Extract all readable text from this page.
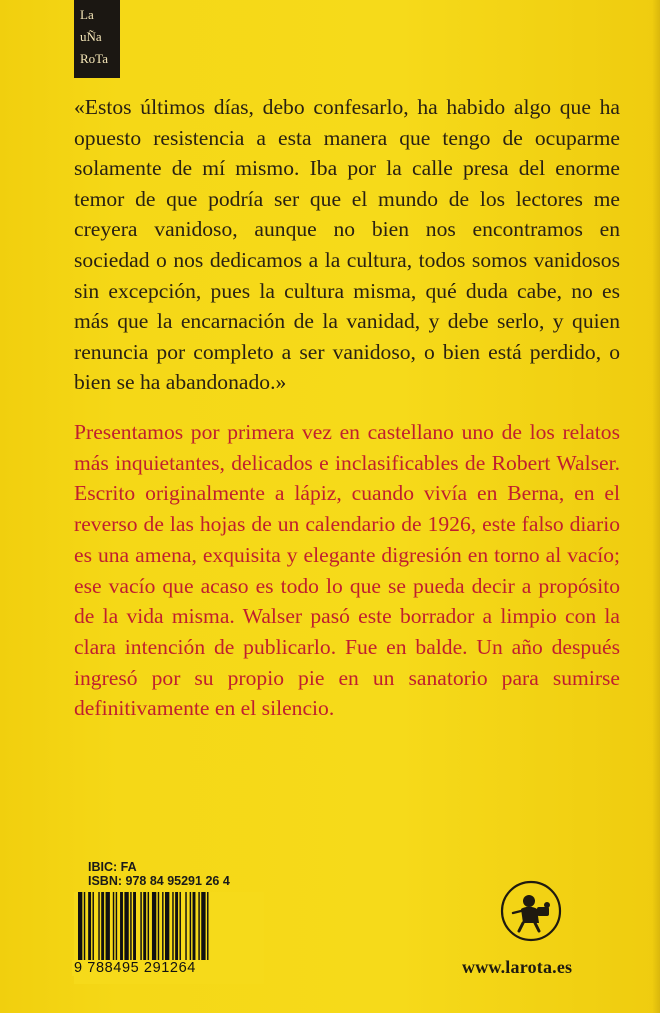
La
uÑa
RoTa

«Estos últimos días, debo confesarlo, ha habido algo que ha opuesto resistencia a esta manera que tengo de ocuparme solamente de mí mismo. Iba por la calle presa del enorme temor de que podría ser que el mundo de los lectores me creyera vanidoso, aunque no bien nos encontramos en sociedad o nos dedicamos a la cultura, todos somos vanidosos sin excepción, pues la cultura misma, qué duda cabe, no es más que la encarnación de la vanidad, y debe serlo, y quien renuncia por completo a ser vanidoso, o bien está perdido, o bien se ha abandonado.»

Presentamos por primera vez en castellano uno de los relatos más inquietantes, delicados e inclasificables de Robert Walser. Escrito originalmente a lápiz, cuando vivía en Berna, en el reverso de las hojas de un calendario de 1926, este falso diario es una amena, exquisita y elegante digresión en torno al vacío; ese vacío que acaso es todo lo que se pueda decir a propósito de la vida misma. Walser pasó este borrador a limpio con la clara intención de publicarlo. Fue en balde. Un año después ingresó por su propio pie en un sanatorio para sumirse definitivamente en el silencio.

IBIC: FA
ISBN: 978 84 95291 26 4
9 788495 291264	www.larota.es
